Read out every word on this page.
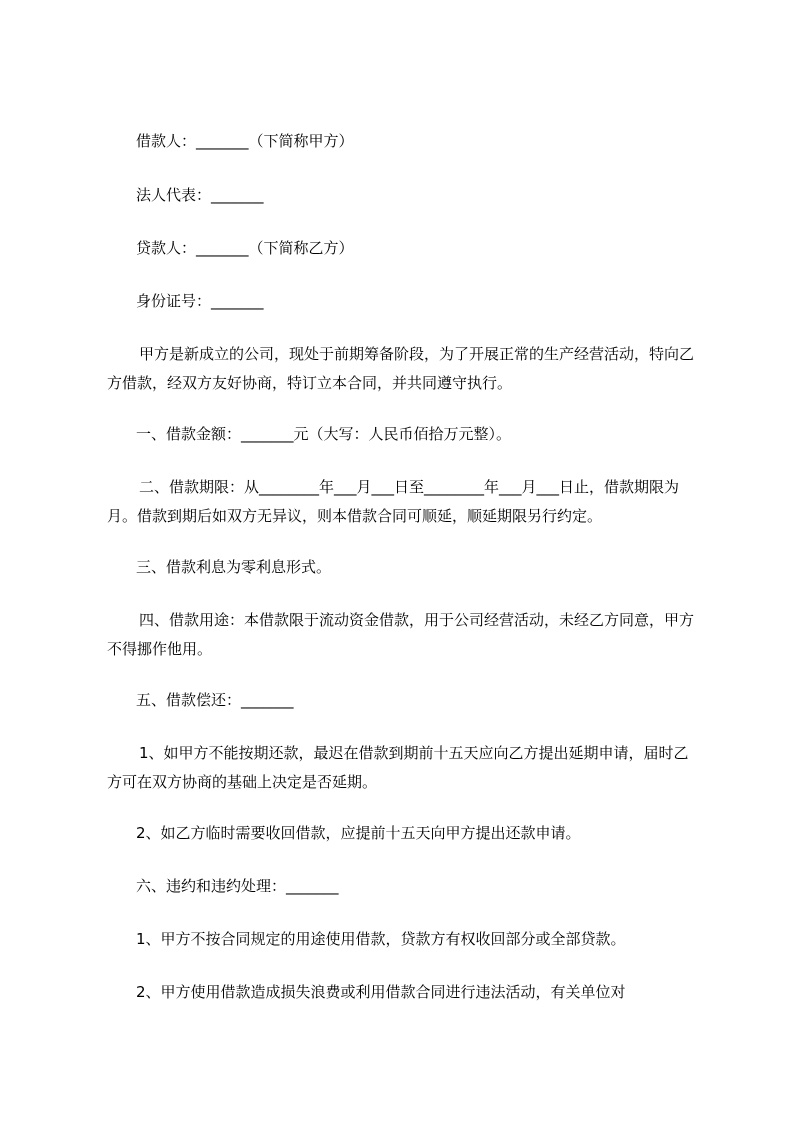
借款人：_______（下简称甲方）

法人代表：_______

贷款人：_______（下简称乙方）

身份证号：_______

甲方是新成立的公司，现处于前期筹备阶段，为了开展正常的生产经营活动，特向乙方借款，经双方友好协商，特订立本合同，并共同遵守执行。

一、借款金额：_______元（大写：人民币佰拾万元整）。

二、借款期限：从________年___月___日至________年___月___日止，借款期限为月。借款到期后如双方无异议，则本借款合同可顺延，顺延期限另行约定。

三、借款利息为零利息形式。

四、借款用途：本借款限于流动资金借款，用于公司经营活动，未经乙方同意，甲方不得挪作他用。

五、借款偿还：_______

1、如甲方不能按期还款，最迟在借款到期前十五天应向乙方提出延期申请，届时乙方可在双方协商的基础上决定是否延期。

2、如乙方临时需要收回借款，应提前十五天向甲方提出还款申请。

六、违约和违约处理：_______

1、甲方不按合同规定的用途使用借款，贷款方有权收回部分或全部贷款。

2、甲方使用借款造成损失浪费或利用借款合同进行违法活动，有关单位对
